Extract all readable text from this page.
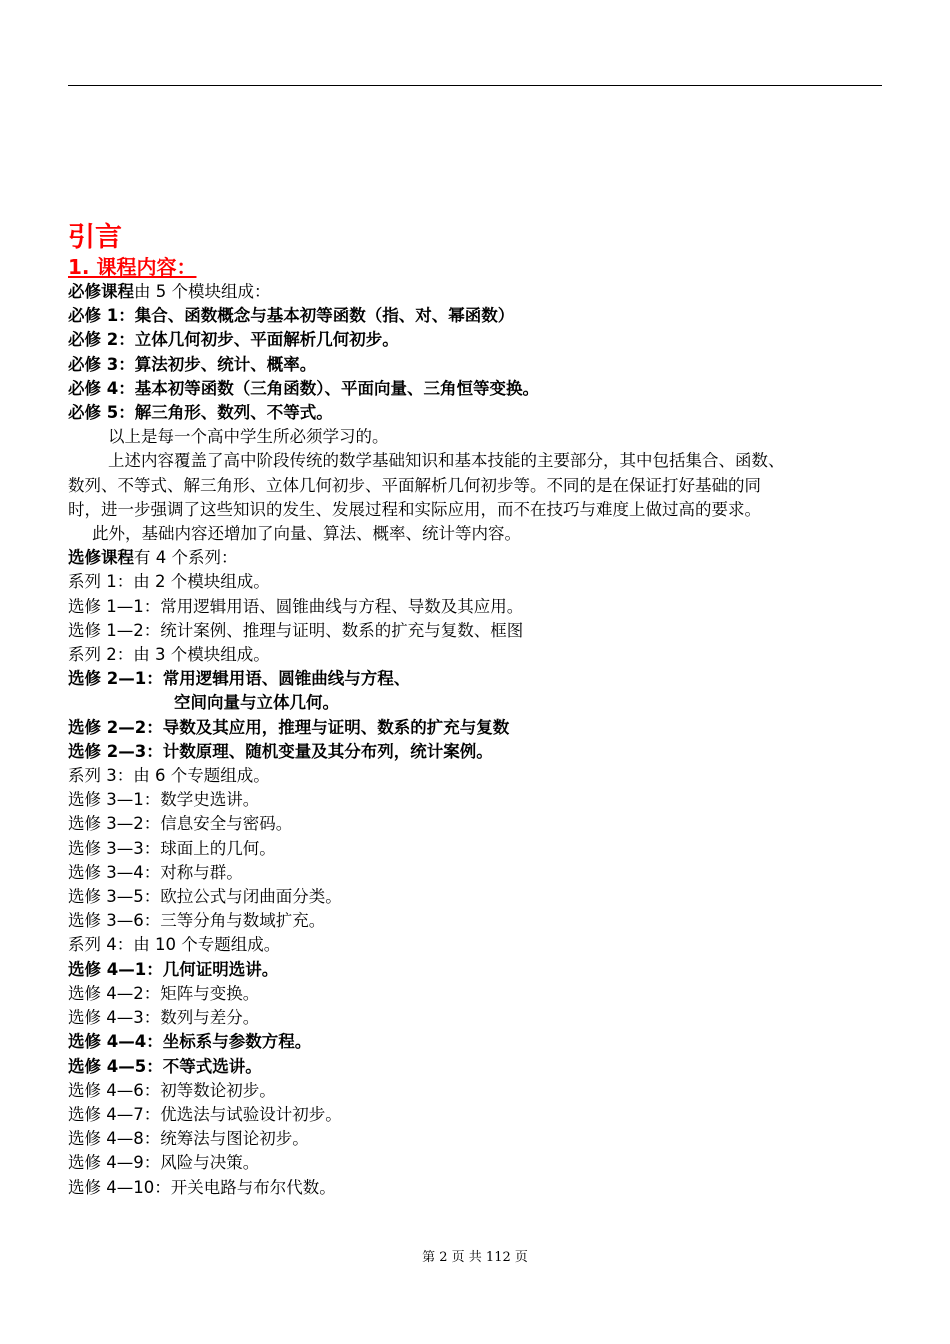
引言
1. 课程内容：
必修课程由 5 个模块组成：
必修 1：集合、函数概念与基本初等函数（指、对、幂函数）
必修 2：立体几何初步、平面解析几何初步。
必修 3：算法初步、统计、概率。
必修 4：基本初等函数（三角函数）、平面向量、三角恒等变换。
必修 5：解三角形、数列、不等式。
以上是每一个高中学生所必须学习的。
上述内容覆盖了高中阶段传统的数学基础知识和基本技能的主要部分，其中包括集合、函数、
数列、不等式、解三角形、立体几何初步、平面解析几何初步等。不同的是在保证打好基础的同
时，进一步强调了这些知识的发生、发展过程和实际应用，而不在技巧与难度上做过高的要求。
此外，基础内容还增加了向量、算法、概率、统计等内容。
选修课程有 4 个系列：
系列 1：由 2 个模块组成。
选修 1—1：常用逻辑用语、圆锥曲线与方程、导数及其应用。
选修 1—2：统计案例、推理与证明、数系的扩充与复数、框图
系列 2：由 3 个模块组成。
选修 2—1：常用逻辑用语、圆锥曲线与方程、
空间向量与立体几何。
选修 2—2：导数及其应用，推理与证明、数系的扩充与复数
选修 2—3：计数原理、随机变量及其分布列，统计案例。
系列 3：由 6 个专题组成。
选修 3—1：数学史选讲。
选修 3—2：信息安全与密码。
选修 3—3：球面上的几何。
选修 3—4：对称与群。
选修 3—5：欧拉公式与闭曲面分类。
选修 3—6：三等分角与数域扩充。
系列 4：由 10 个专题组成。
选修 4—1：几何证明选讲。
选修 4—2：矩阵与变换。
选修 4—3：数列与差分。
选修 4—4：坐标系与参数方程。
选修 4—5：不等式选讲。
选修 4—6：初等数论初步。
选修 4—7：优选法与试验设计初步。
选修 4—8：统筹法与图论初步。
选修 4—9：风险与决策。
选修 4—10：开关电路与布尔代数。
第 2 页 共 112 页
